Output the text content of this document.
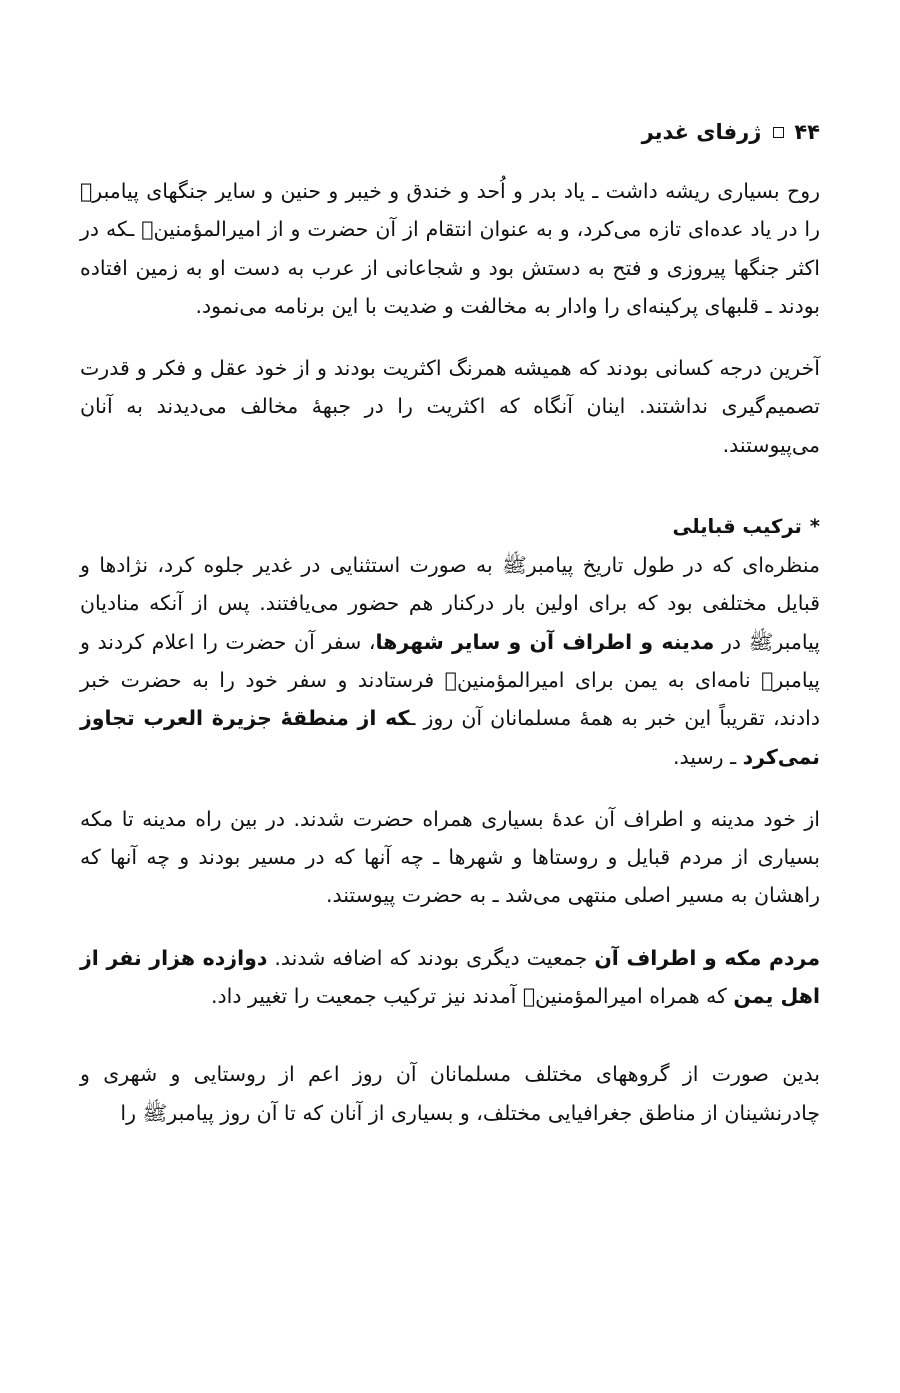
۴۴
ژرفای غدیر

روح بسیاری ریشه داشت ـ یاد بدر و اُحد و خندق و خیبر و حنین و سایر جنگهای پیامبرﷺ را در یاد عده‌ای تازه می‌کرد، و به عنوان انتقام از آن حضرت و از امیرالمؤمنینؑ ـکه در اکثر جنگها پیروزی و فتح به دستش بود و شجاعانی از عرب به دست او به زمین افتاده بودند ـ قلبهای پرکینه‌ای را وادار به مخالفت و ضدیت با این برنامه می‌نمود.

آخرین درجه کسانی بودند که همیشه همرنگ اکثریت بودند و از خود عقل و فکر و قدرت تصمیم‌گیری نداشتند. اینان آنگاه که اکثریت را در جبهۀ مخالف می‌دیدند به آنان می‌پیوستند.

*ترکیب قبایلی

منظره‌ای که در طول تاریخ پیامبرﷺ به صورت استثنایی در غدیر جلوه کرد، نژادها و قبایل مختلفی بود که برای اولین بار درکنار هم حضور می‌یافتند. پس از آنکه منادیان پیامبرﷺ در مدینه و اطراف آن و سایر شهرها، سفر آن حضرت را اعلام کردند و پیامبرﷺ نامه‌ای به یمن برای امیرالمؤمنینؑ فرستادند و سفر خود را به حضرت خبر دادند، تقریباً این خبر به همۀ مسلمانان آن روز ـکه از منطقۀ جزیرة العرب تجاوز نمی‌کرد ـ رسید.

از خود مدینه و اطراف آن عدۀ بسیاری همراه حضرت شدند. در بین راه مدینه تا مکه بسیاری از مردم قبایل و روستاها و شهرها ـ چه آنها که در مسیر بودند و چه آنها که راهشان به مسیر اصلی منتهی می‌شد ـ به حضرت پیوستند.

مردم مکه و اطراف آن جمعیت دیگری بودند که اضافه شدند. دوازده هزار نفر از اهل یمن که همراه امیرالمؤمنینؑ آمدند نیز ترکیب جمعیت را تغییر داد.

بدین صورت از گروههای مختلف مسلمانان آن روز اعم از روستایی و شهری و چادرنشینان از مناطق جغرافیایی مختلف، و بسیاری از آنان که تا آن روز پیامبرﷺ را
